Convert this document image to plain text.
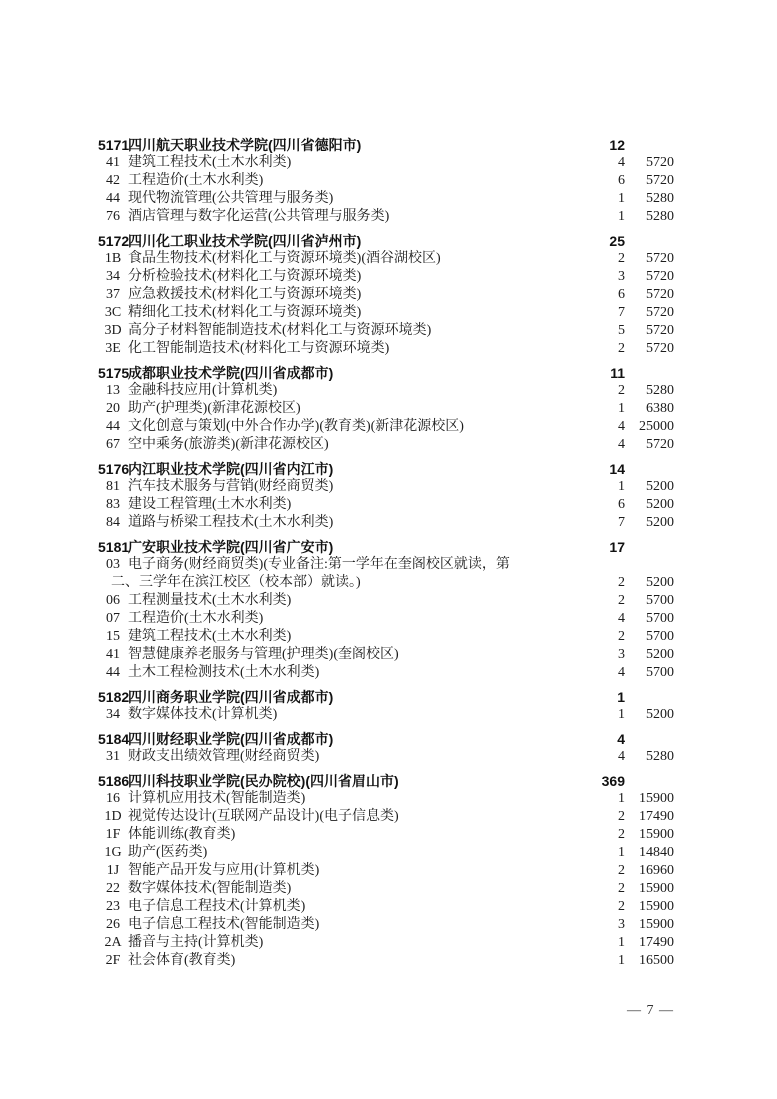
5171
四川航天职业技术学院(四川省德阳市)	12
41 建筑工程技术(土木水利类)	4	5720
42 工程造价(土木水利类)	6	5720
44 现代物流管理(公共管理与服务类)	1	5280
76 酒店管理与数字化运营(公共管理与服务类)	1	5280
5172
四川化工职业技术学院(四川省泸州市)	25
1B 食品生物技术(材料化工与资源环境类)(酒谷湖校区)	2	5720
34 分析检验技术(材料化工与资源环境类)	3	5720
37 应急救援技术(材料化工与资源环境类)	6	5720
3C 精细化工技术(材料化工与资源环境类)	7	5720
3D 高分子材料智能制造技术(材料化工与资源环境类)	5	5720
3E 化工智能制造技术(材料化工与资源环境类)	2	5720
5175
成都职业技术学院(四川省成都市)	11
13 金融科技应用(计算机类)	2	5280
20 助产(护理类)(新津花源校区)	1	6380
44 文化创意与策划(中外合作办学)(教育类)(新津花源校区)	4	25000
67 空中乘务(旅游类)(新津花源校区)	4	5720
5176
内江职业技术学院(四川省内江市)	14
81 汽车技术服务与营销(财经商贸类)	1	5200
83 建设工程管理(土木水利类)	6	5200
84 道路与桥梁工程技术(土木水利类)	7	5200
5181
广安职业技术学院(四川省广安市)	17
03 电子商务(财经商贸类)(专业备注:第一学年在奎阁校区就读，第
二、三学年在滨江校区（校本部）就读。)	2	5200
06 工程测量技术(土木水利类)	2	5700
07 工程造价(土木水利类)	4	5700
15 建筑工程技术(土木水利类)	2	5700
41 智慧健康养老服务与管理(护理类)(奎阁校区)	3	5200
44 土木工程检测技术(土木水利类)	4	5700
5182
四川商务职业学院(四川省成都市)	1
34 数字媒体技术(计算机类)	1	5200
5184
四川财经职业学院(四川省成都市)	4
31 财政支出绩效管理(财经商贸类)	4	5280
5186
四川科技职业学院(民办院校)(四川省眉山市)	369
16 计算机应用技术(智能制造类)	1	15900
1D 视觉传达设计(互联网产品设计)(电子信息类)	2	17490
1F 体能训练(教育类)	2	15900
1G 助产(医药类)	1	14840
1J 智能产品开发与应用(计算机类)	2	16960
22 数字媒体技术(智能制造类)	2	15900
23 电子信息工程技术(计算机类)	2	15900
26 电子信息工程技术(智能制造类)	3	15900
2A 播音与主持(计算机类)	1	17490
2F 社会体育(教育类)	1	16500
— 7 —
